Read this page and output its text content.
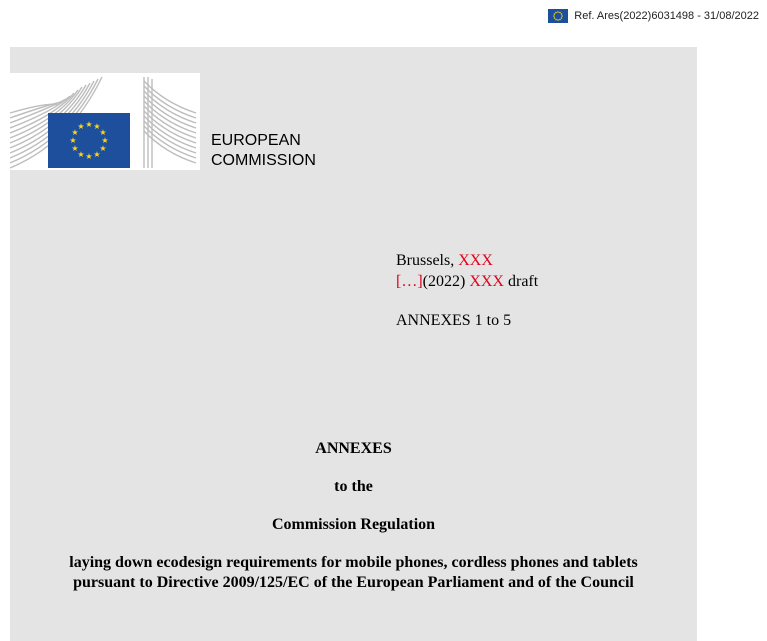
Ref. Ares(2022)6031498 - 31/08/2022
★ ★
★
★
★
★
★
★
★
★
★
★
EUROPEAN
COMMISSION
Brussels, XXX
[…](2022) XXX draft
ANNEXES 1 to 5

ANNEXES

to the

Commission Regulation

laying down ecodesign requirements for mobile phones, cordless phones and tablets

pursuant to Directive 2009/125/EC of the European Parliament and of the Council
